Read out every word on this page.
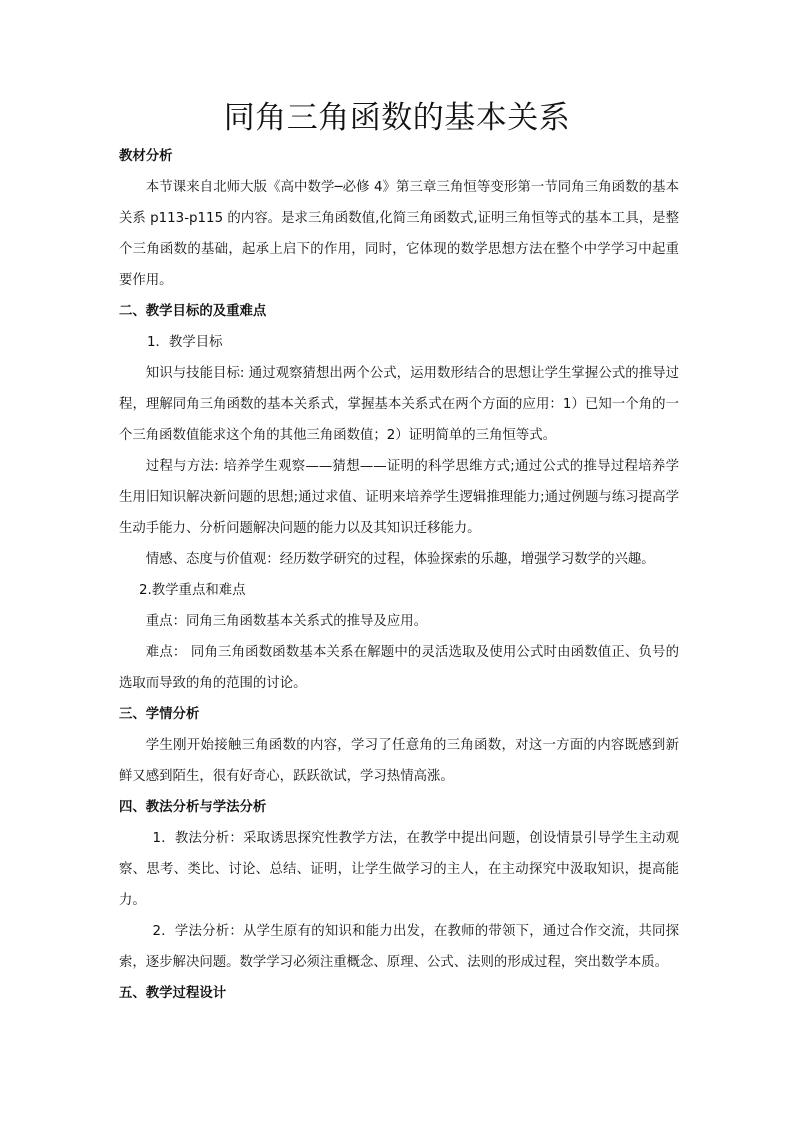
同角三角函数的基本关系

教材分析

本节课来自北师大版《高中数学─必修 4》第三章三角恒等变形第一节同角三角函数的基本关系 p113-p115 的内容。是求三角函数值,化简三角函数式,证明三角恒等式的基本工具，是整个三角函数的基础，起承上启下的作用，同时，它体现的数学思想方法在整个中学学习中起重要作用。

二、教学目标的及重难点

1．教学目标

知识与技能目标: 通过观察猜想出两个公式，运用数形结合的思想让学生掌握公式的推导过程，理解同角三角函数的基本关系式，掌握基本关系式在两个方面的应用：1）已知一个角的一个三角函数值能求这个角的其他三角函数值；2）证明简单的三角恒等式。

过程与方法: 培养学生观察——猜想——证明的科学思维方式;通过公式的推导过程培养学生用旧知识解决新问题的思想;通过求值、证明来培养学生逻辑推理能力;通过例题与练习提高学生动手能力、分析问题解决问题的能力以及其知识迁移能力。

情感、态度与价值观：经历数学研究的过程，体验探索的乐趣，增强学习数学的兴趣。

2.教学重点和难点

重点：同角三角函数基本关系式的推导及应用。

难点： 同角三角函数函数基本关系在解题中的灵活选取及使用公式时由函数值正、负号的选取而导致的角的范围的讨论。

三、学情分析

学生刚开始接触三角函数的内容，学习了任意角的三角函数，对这一方面的内容既感到新鲜又感到陌生，很有好奇心，跃跃欲试，学习热情高涨。

四、教法分析与学法分析

1．教法分析：采取诱思探究性教学方法，在教学中提出问题，创设情景引导学生主动观察、思考、类比、讨论、总结、证明，让学生做学习的主人，在主动探究中汲取知识，提高能力。

2．学法分析：从学生原有的知识和能力出发，在教师的带领下，通过合作交流，共同探索，逐步解决问题。数学学习必须注重概念、原理、公式、法则的形成过程，突出数学本质。

五、教学过程设计
